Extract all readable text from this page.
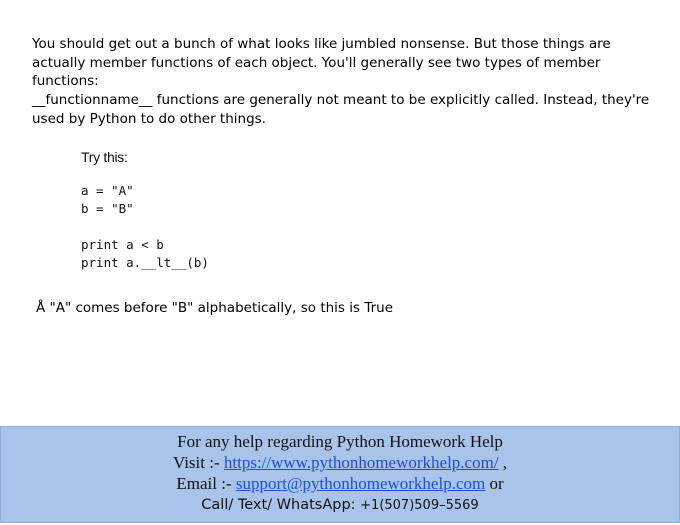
You should get out a bunch of what looks like jumbled nonsense. But those things are actually member functions of each object. You'll generally see two types of member functions:

__functionname__ functions are generally not meant to be explicitly called. Instead, they're used by Python to do other things.

Try this:
a = "A"
b = "B"
print a < b
print a.__lt__(b)

Å "A" comes before "B" alphabetically, so this is True

For any help regarding Python Homework Help
Visit :- https://www.pythonhomeworkhelp.com/ ,
Email :- support@pythonhomeworkhelp.com or
Call/ Text/ WhatsApp: +1(507)509–5569
